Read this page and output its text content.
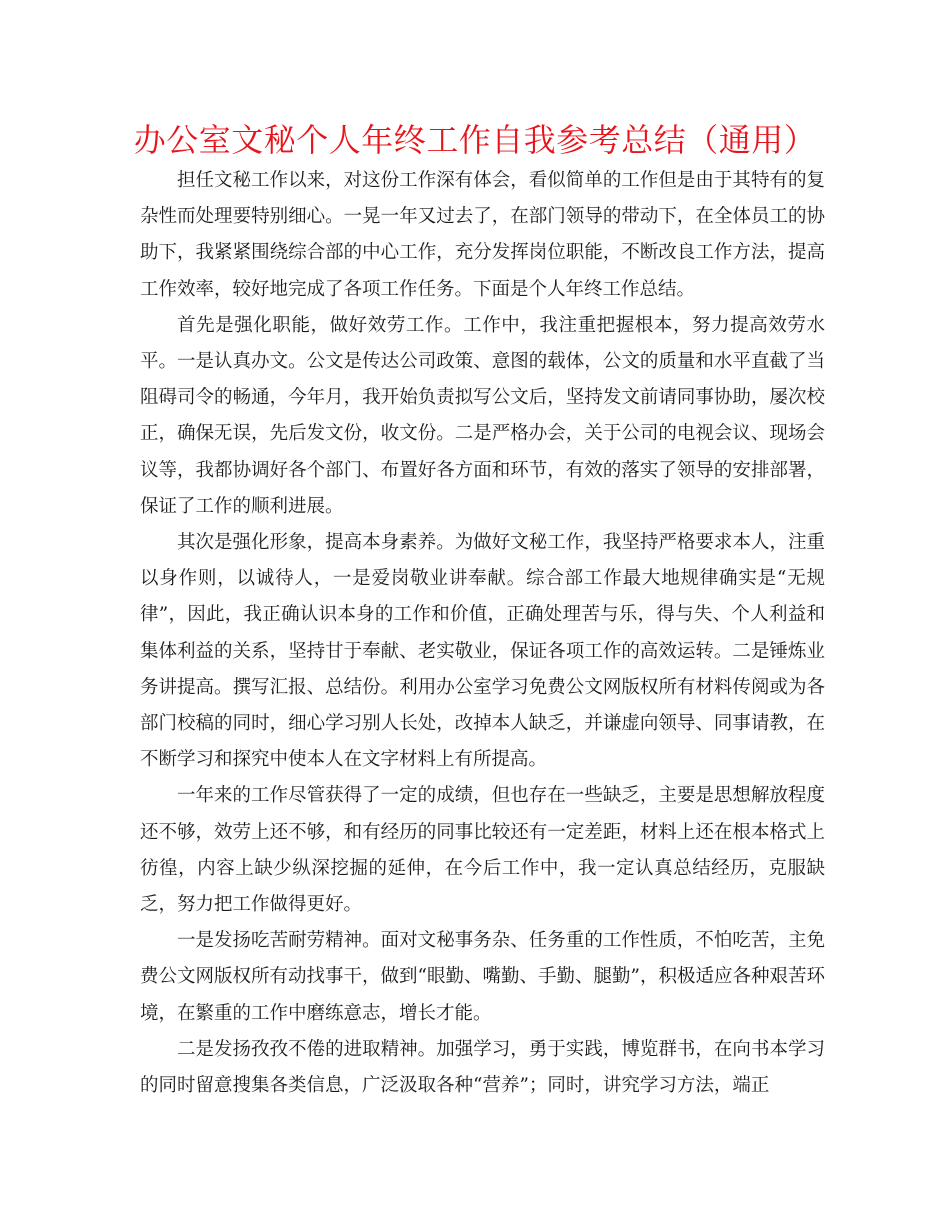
办公室文秘个人年终工作自我参考总结（通用）

担任文秘工作以来，对这份工作深有体会，看似简单的工作但是由于其特有的复杂性而处理要特别细心。一晃一年又过去了，在部门领导的带动下，在全体员工的协助下，我紧紧围绕综合部的中心工作，充分发挥岗位职能，不断改良工作方法，提高工作效率，较好地完成了各项工作任务。下面是个人年终工作总结。

首先是强化职能，做好效劳工作。工作中，我注重把握根本，努力提高效劳水平。一是认真办文。公文是传达公司政策、意图的载体，公文的质量和水平直截了当阻碍司令的畅通，今年月，我开始负责拟写公文后，坚持发文前请同事协助，屡次校正，确保无误，先后发文份，收文份。二是严格办会，关于公司的电视会议、现场会议等，我都协调好各个部门、布置好各方面和环节，有效的落实了领导的安排部署，保证了工作的顺利进展。

其次是强化形象，提高本身素养。为做好文秘工作，我坚持严格要求本人，注重以身作则，以诚待人，一是爱岗敬业讲奉献。综合部工作最大地规律确实是“无规律”，因此，我正确认识本身的工作和价值，正确处理苦与乐，得与失、个人利益和集体利益的关系，坚持甘于奉献、老实敬业，保证各项工作的高效运转。二是锤炼业务讲提高。撰写汇报、总结份。利用办公室学习免费公文网版权所有材料传阅或为各部门校稿的同时，细心学习别人长处，改掉本人缺乏，并谦虚向领导、同事请教，在不断学习和探究中使本人在文字材料上有所提高。

一年来的工作尽管获得了一定的成绩，但也存在一些缺乏，主要是思想解放程度还不够，效劳上还不够，和有经历的同事比较还有一定差距，材料上还在根本格式上彷徨，内容上缺少纵深挖掘的延伸，在今后工作中，我一定认真总结经历，克服缺乏，努力把工作做得更好。

一是发扬吃苦耐劳精神。面对文秘事务杂、任务重的工作性质，不怕吃苦，主免费公文网版权所有动找事干，做到“眼勤、嘴勤、手勤、腿勤”，积极适应各种艰苦环境，在繁重的工作中磨练意志，增长才能。

二是发扬孜孜不倦的进取精神。加强学习，勇于实践，博览群书，在向书本学习的同时留意搜集各类信息，广泛汲取各种“营养”；同时，讲究学习方法，端正
